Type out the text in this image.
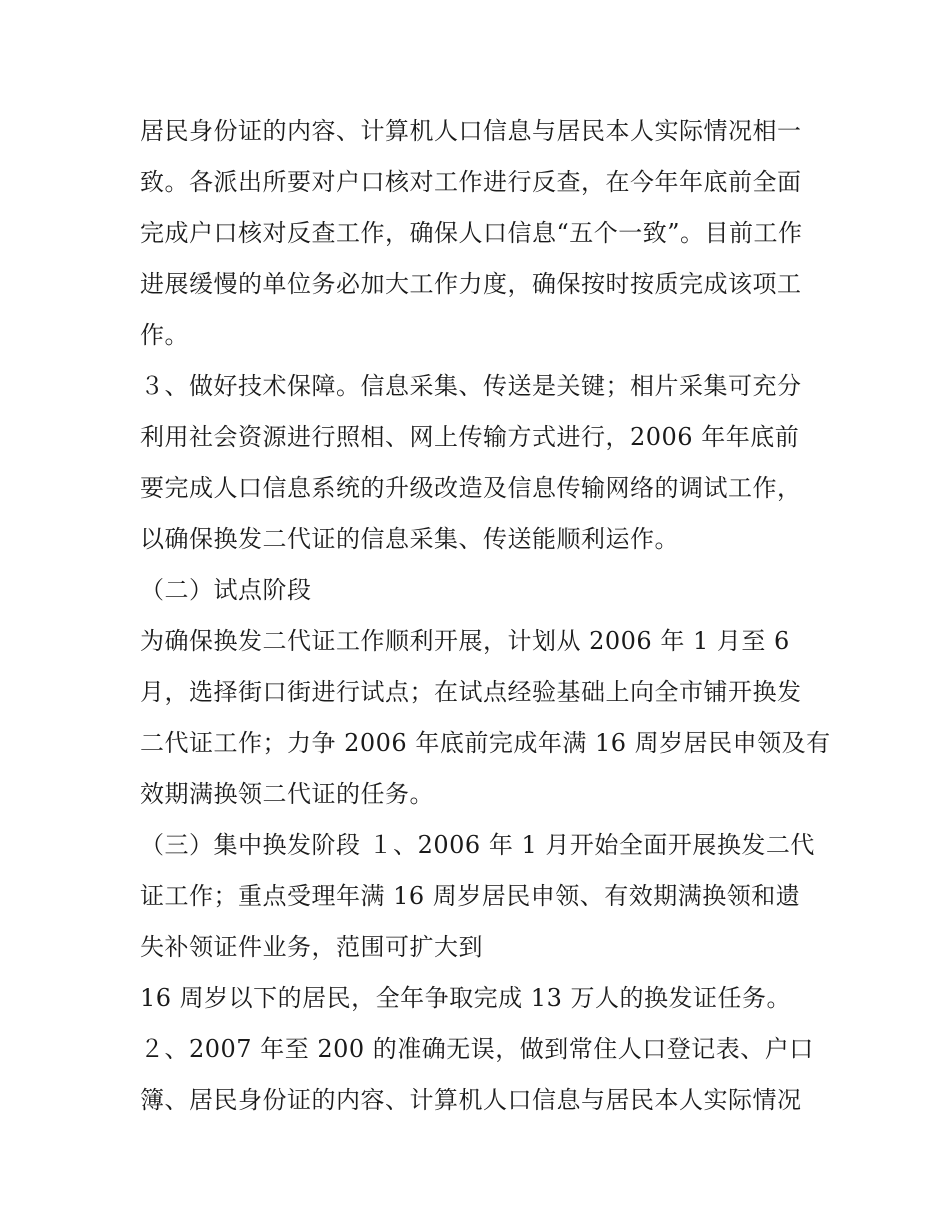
居民身份证的内容、计算机人口信息与居民本人实际情况相一
致。各派出所要对户口核对工作进行反查，在今年年底前全面
完成户口核对反查工作，确保人口信息“五个一致”。目前工作
进展缓慢的单位务必加大工作力度，确保按时按质完成该项工
作。
３、做好技术保障。信息采集、传送是关键；相片采集可充分
利用社会资源进行照相、网上传输方式进行，2006 年年底前
要完成人口信息系统的升级改造及信息传输网络的调试工作，
以确保换发二代证的信息采集、传送能顺利运作。
（二）试点阶段
为确保换发二代证工作顺利开展，计划从 2006 年 1 月至 6
月，选择街口街进行试点；在试点经验基础上向全市铺开换发
二代证工作；力争 2006 年底前完成年满 16 周岁居民申领及有
效期满换领二代证的任务。
（三）集中换发阶段 １、2006 年 1 月开始全面开展换发二代
证工作；重点受理年满 16 周岁居民申领、有效期满换领和遗
失补领证件业务，范围可扩大到
16 周岁以下的居民，全年争取完成 13 万人的换发证任务。
２、2007 年至 200 的准确无误，做到常住人口登记表、户口
簿、居民身份证的内容、计算机人口信息与居民本人实际情况
